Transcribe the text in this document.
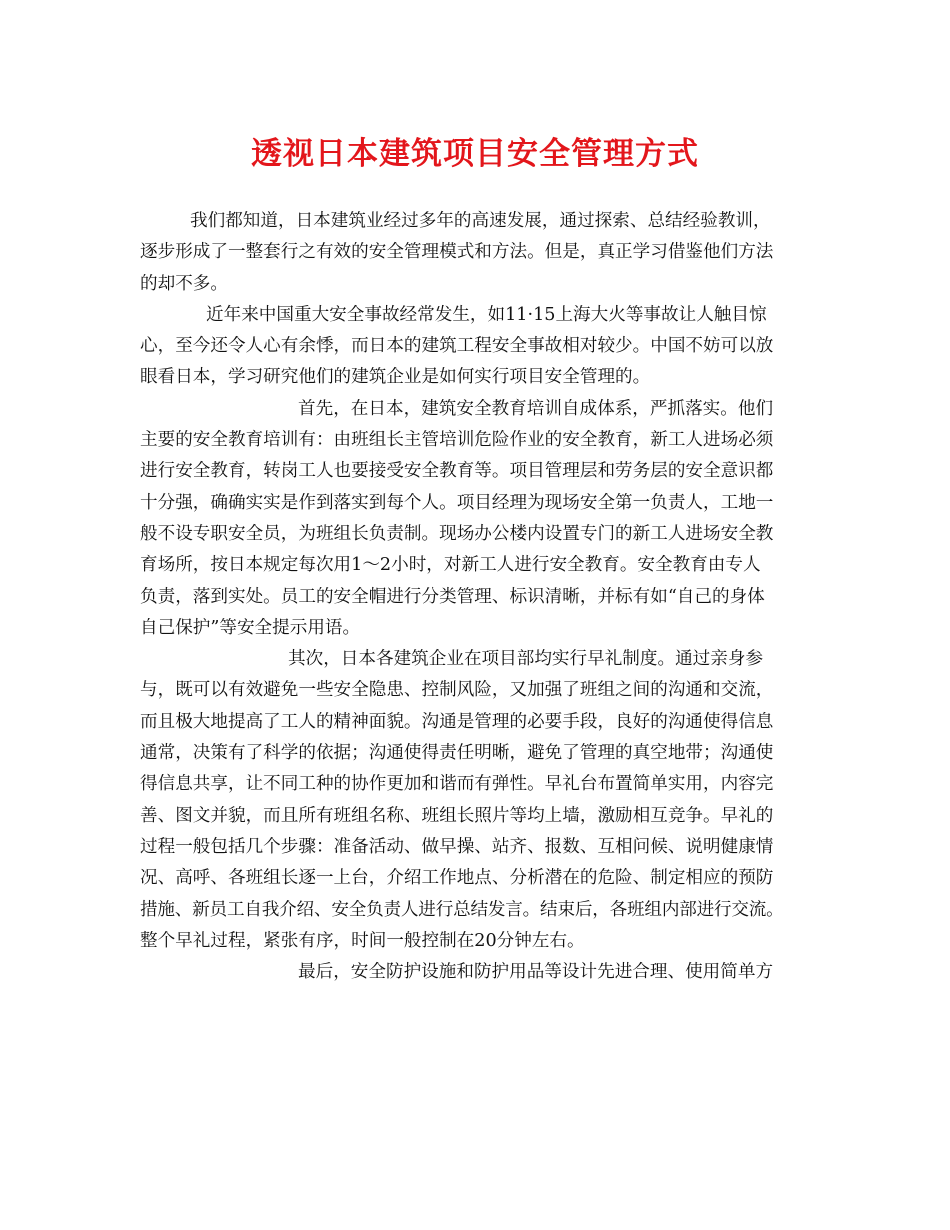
透视日本建筑项目安全管理方式
我们都知道，日本建筑业经过多年的高速发展，通过探索、总结经验教训，
逐步形成了一整套行之有效的安全管理模式和方法。但是，真正学习借鉴他们方法
的却不多。
近年来中国重大安全事故经常发生，如11·15上海大火等事故让人触目惊
心，至今还令人心有余悸，而日本的建筑工程安全事故相对较少。中国不妨可以放
眼看日本，学习研究他们的建筑企业是如何实行项目安全管理的。
首先，在日本，建筑安全教育培训自成体系，严抓落实。他们
主要的安全教育培训有：由班组长主管培训危险作业的安全教育，新工人进场必须
进行安全教育，转岗工人也要接受安全教育等。项目管理层和劳务层的安全意识都
十分强，确确实实是作到落实到每个人。项目经理为现场安全第一负责人，工地一
般不设专职安全员，为班组长负责制。现场办公楼内设置专门的新工人进场安全教
育场所，按日本规定每次用1～2小时，对新工人进行安全教育。安全教育由专人
负责，落到实处。员工的安全帽进行分类管理、标识清晰，并标有如“自己的身体
自己保护”等安全提示用语。
其次，日本各建筑企业在项目部均实行早礼制度。通过亲身参
与，既可以有效避免一些安全隐患、控制风险，又加强了班组之间的沟通和交流，
而且极大地提高了工人的精神面貌。沟通是管理的必要手段，良好的沟通使得信息
通常，决策有了科学的依据；沟通使得责任明晰，避免了管理的真空地带；沟通使
得信息共享，让不同工种的协作更加和谐而有弹性。早礼台布置简单实用，内容完
善、图文并貌，而且所有班组名称、班组长照片等均上墙，激励相互竞争。早礼的
过程一般包括几个步骤：准备活动、做早操、站齐、报数、互相问候、说明健康情
况、高呼、各班组长逐一上台，介绍工作地点、分析潜在的危险、制定相应的预防
措施、新员工自我介绍、安全负责人进行总结发言。结束后，各班组内部进行交流。
整个早礼过程，紧张有序，时间一般控制在20分钟左右。
最后，安全防护设施和防护用品等设计先进合理、使用简单方
